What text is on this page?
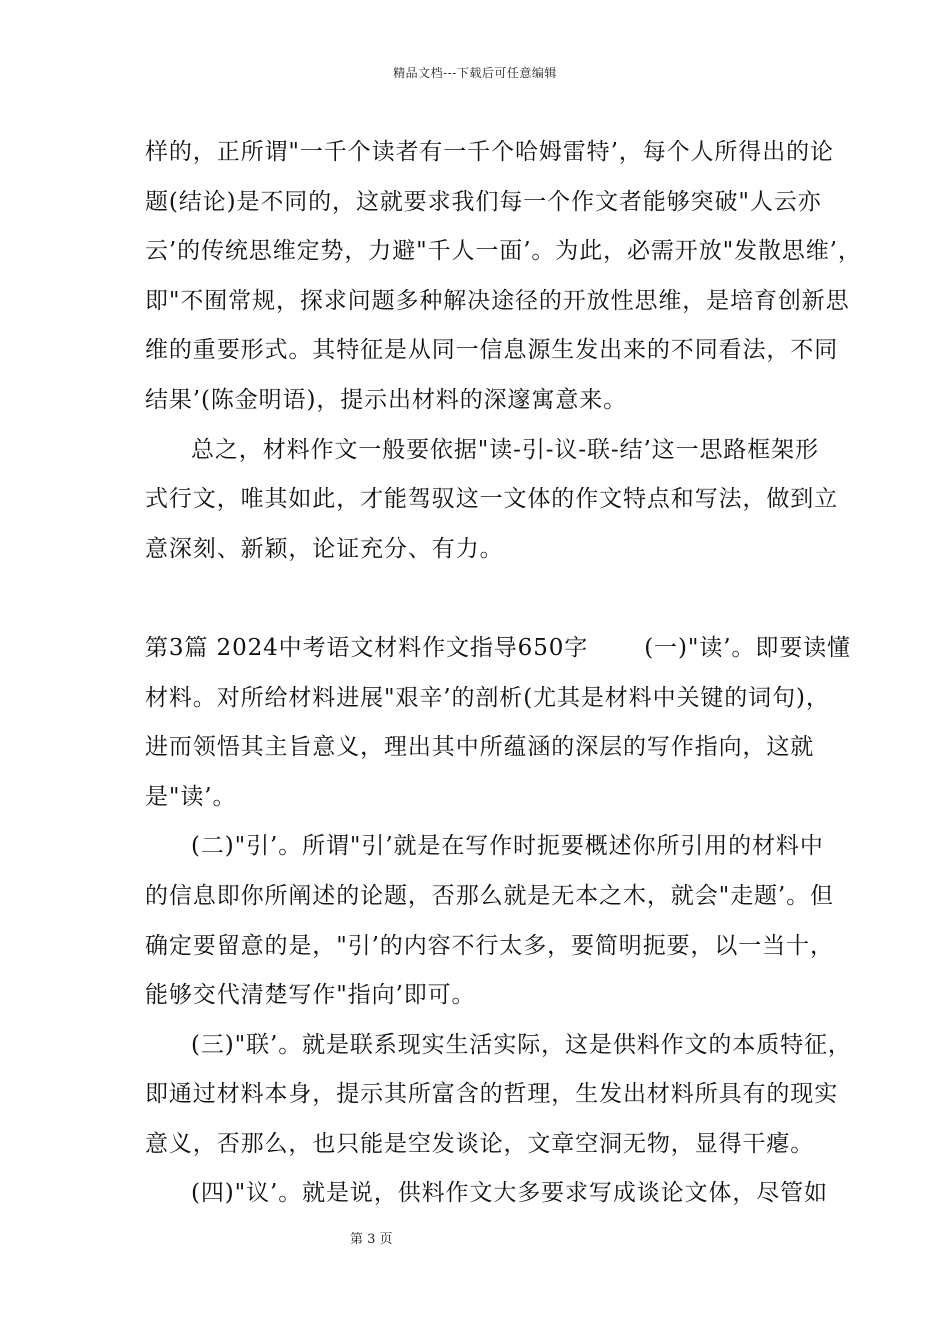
精品文档---下载后可任意编辑
样的，正所谓"一千个读者有一千个哈姆雷特’，每个人所得出的论
题(结论)是不同的，这就要求我们每一个作文者能够突破"人云亦
云’的传统思维定势，力避"千人一面’。为此，必需开放"发散思维’，
即"不囿常规，探求问题多种解决途径的开放性思维，是培育创新思
维的重要形式。其特征是从同一信息源生发出来的不同看法，不同
结果’(陈金明语)，提示出材料的深邃寓意来。
总之，材料作文一般要依据"读-引-议-联-结’这一思路框架形
式行文，唯其如此，才能驾驭这一文体的作文特点和写法，做到立
意深刻、新颖，论证充分、有力。
第3篇 2024中考语文材料作文指导650字 　　(一)"读’。即要读懂
材料。对所给材料进展"艰辛’的剖析(尤其是材料中关键的词句)，
进而领悟其主旨意义，理出其中所蕴涵的深层的写作指向，这就
是"读’。
(二)"引’。所谓"引’就是在写作时扼要概述你所引用的材料中
的信息即你所阐述的论题，否那么就是无本之木，就会"走题’。但
确定要留意的是，"引’的内容不行太多，要简明扼要，以一当十，
能够交代清楚写作"指向’即可。
(三)"联’。就是联系现实生活实际，这是供料作文的本质特征，
即通过材料本身，提示其所富含的哲理，生发出材料所具有的现实
意义，否那么，也只能是空发谈论，文章空洞无物，显得干瘪。
(四)"议’。就是说，供料作文大多要求写成谈论文体，尽管如
第 3 页
